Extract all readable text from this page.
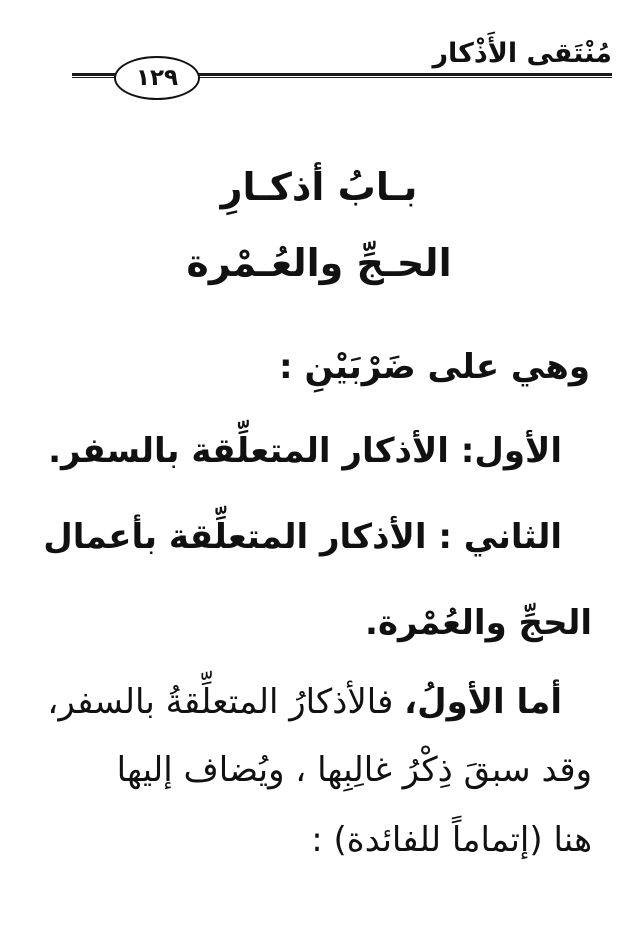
مُنْتَقى الأَذْكار
١٢٩
بـابُ أذكـارِ
الحـجِّ والعُـمْرة
وهي على ضَرْبَيْنِ :
الأول: الأذكار المتعلِّقة بالسفر.
الثاني : الأذكار المتعلِّقة بأعمال
الحجِّ والعُمْرة.
أما الأولُ، فالأذكارُ المتعلِّقةُ بالسفر،
وقد سبقَ ذِكْرُ غالِبِها ، ويُضاف إليها
هنا (إتماماً للفائدة) :
